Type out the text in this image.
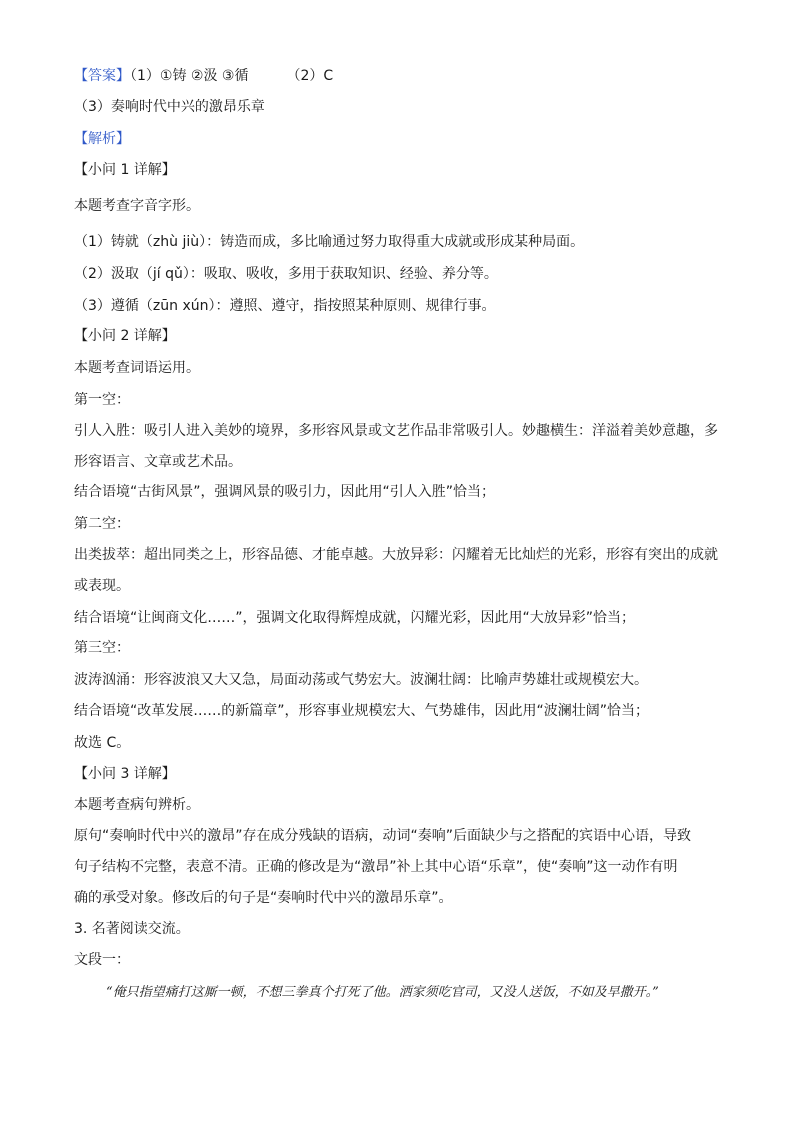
【答案】（1）①铸 ②汲 ③循	（2）C
（3）奏响时代中兴的激昂乐章
【解析】
【小问 1 详解】
本题考查字音字形。
（1）铸就（zhù jiù）：铸造而成，多比喻通过努力取得重大成就或形成某种局面。
（2）汲取（jí qǔ）：吸取、吸收，多用于获取知识、经验、养分等。
（3）遵循（zūn xún）：遵照、遵守，指按照某种原则、规律行事。
【小问 2 详解】
本题考查词语运用。
第一空：
引人入胜：吸引人进入美妙的境界，多形容风景或文艺作品非常吸引人。妙趣横生：洋溢着美妙意趣，多
形容语言、文章或艺术品。
结合语境“古街风景”，强调风景的吸引力，因此用“引人入胜”恰当；
第二空：
出类拔萃：超出同类之上，形容品德、才能卓越。大放异彩：闪耀着无比灿烂的光彩，形容有突出的成就
或表现。
结合语境“让闽商文化……”，强调文化取得辉煌成就，闪耀光彩，因此用“大放异彩”恰当；
第三空：
波涛汹涌：形容波浪又大又急，局面动荡或气势宏大。波澜壮阔：比喻声势雄壮或规模宏大。
结合语境“改革发展……的新篇章”，形容事业规模宏大、气势雄伟，因此用“波澜壮阔”恰当；
故选 C。
【小问 3 详解】
本题考查病句辨析。
原句“奏响时代中兴的激昂”存在成分残缺的语病，动词“奏响”后面缺少与之搭配的宾语中心语，导致
句子结构不完整，表意不清。正确的修改是为“激昂”补上其中心语“乐章”，使“奏响”这一动作有明
确的承受对象。修改后的句子是“奏响时代中兴的激昂乐章”。
3. 名著阅读交流。
文段一：
“俺只指望痛打这厮一顿，不想三拳真个打死了他。洒家须吃官司，又没人送饭，不如及早撒开。”
